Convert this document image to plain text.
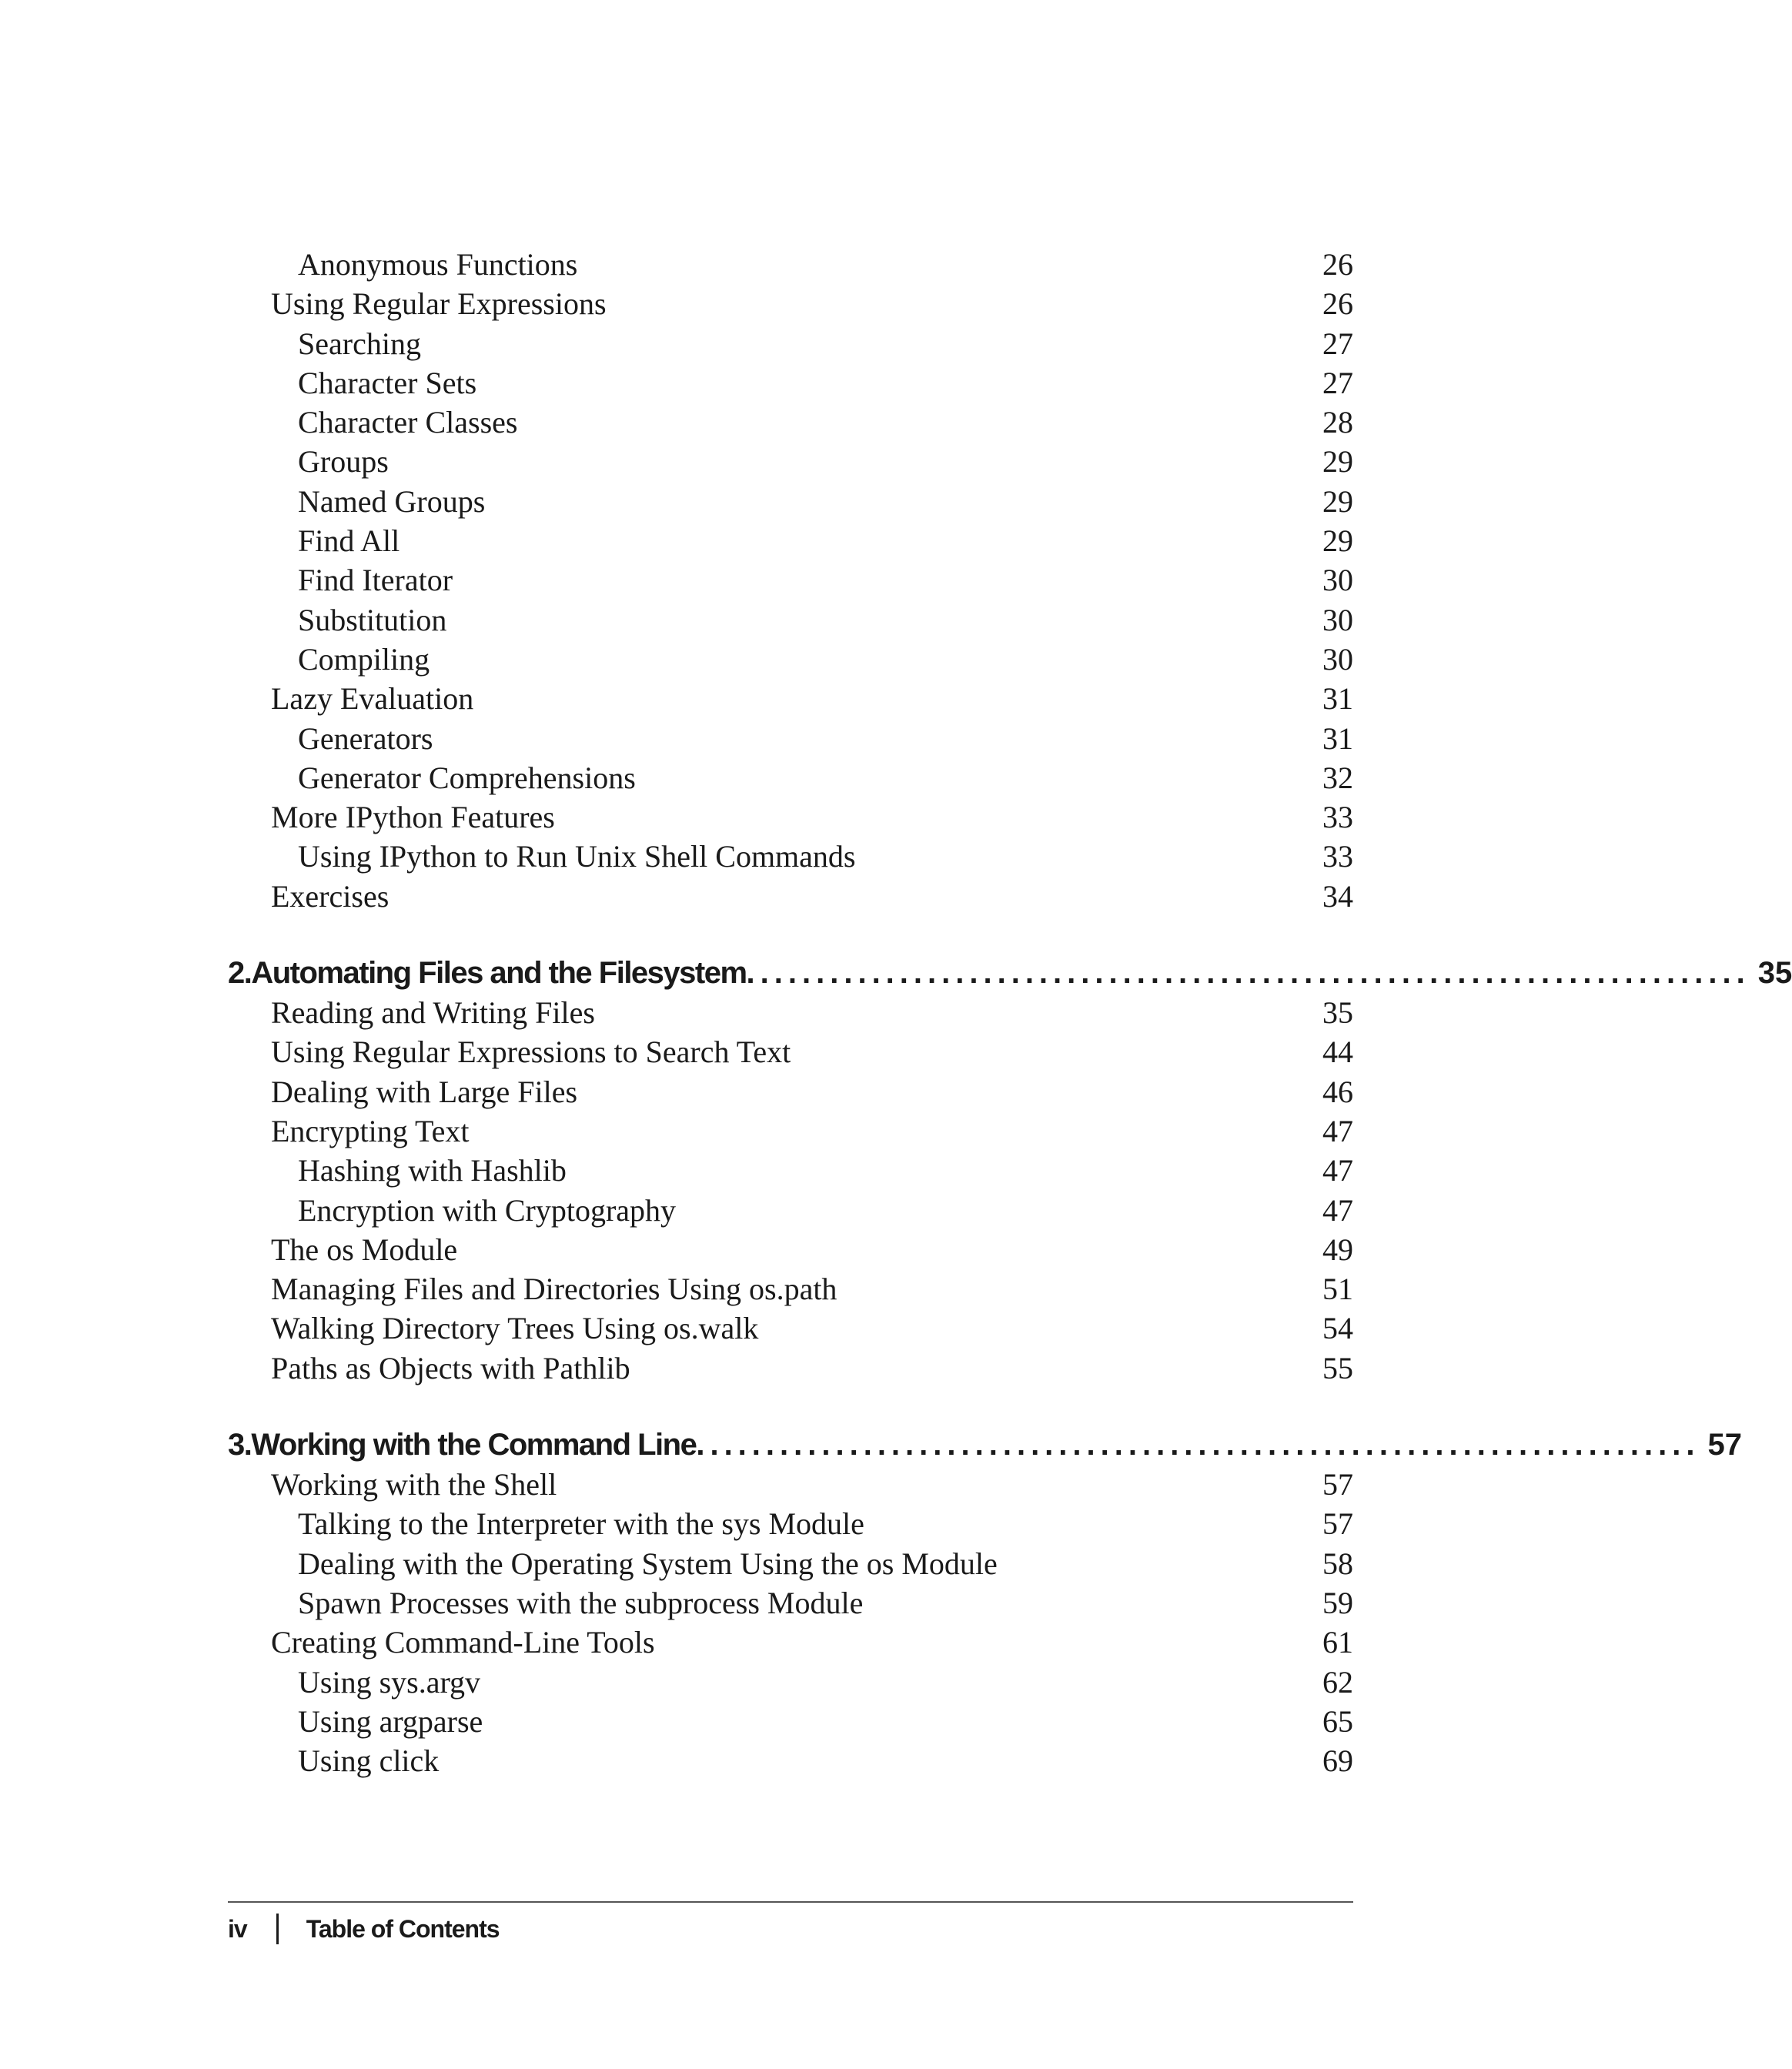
Anonymous Functions	26
Using Regular Expressions	26
Searching	27
Character Sets	27
Character Classes	28
Groups	29
Named Groups	29
Find All	29
Find Iterator	30
Substitution	30
Compiling	30
Lazy Evaluation	31
Generators	31
Generator Comprehensions	32
More IPython Features	33
Using IPython to Run Unix Shell Commands	33
Exercises	34
2. Automating Files and the Filesystem ........................................................................ 35
Reading and Writing Files	35
Using Regular Expressions to Search Text	44
Dealing with Large Files	46
Encrypting Text	47
Hashing with Hashlib	47
Encryption with Cryptography	47
The os Module	49
Managing Files and Directories Using os.path	51
Walking Directory Trees Using os.walk	54
Paths as Objects with Pathlib	55
3. Working with the Command Line ........................................................................ 57
Working with the Shell	57
Talking to the Interpreter with the sys Module	57
Dealing with the Operating System Using the os Module	58
Spawn Processes with the subprocess Module	59
Creating Command-Line Tools	61
Using sys.argv	62
Using argparse	65
Using click	69
iv Table of Contents
